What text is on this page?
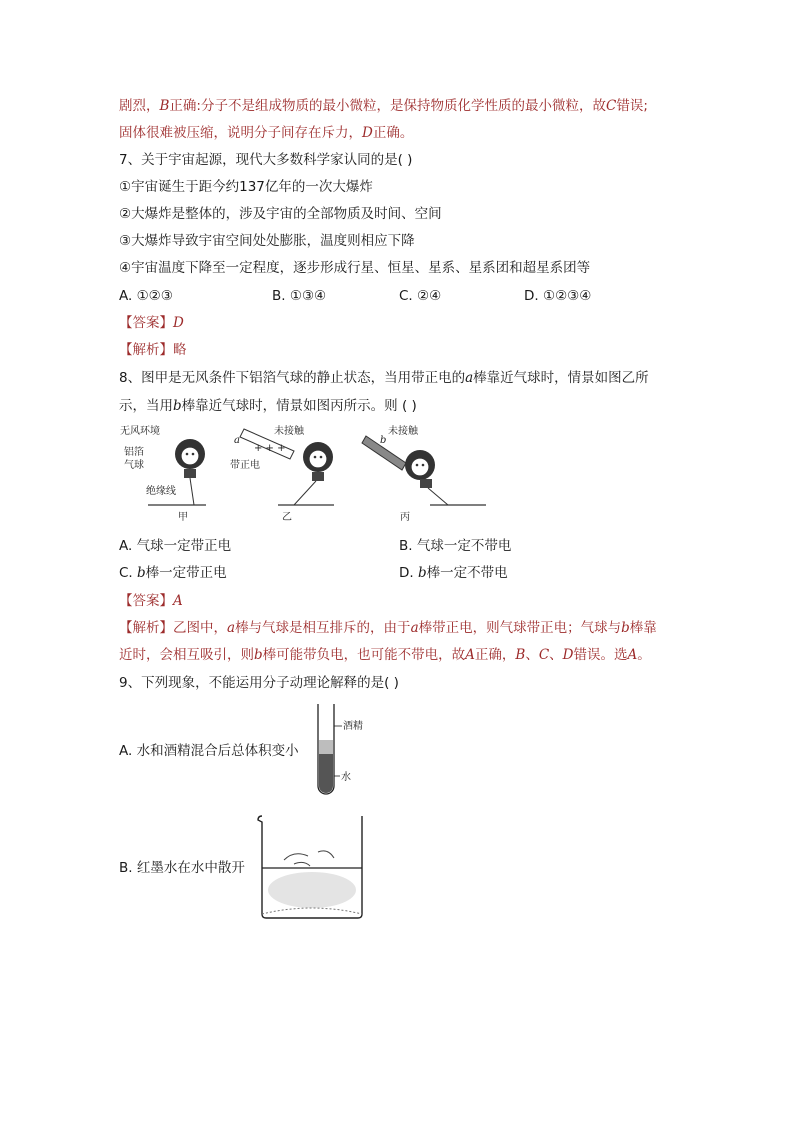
剧烈，B正确:分子不是组成物质的最小微粒，是保持物质化学性质的最小微粒，故C错误;
固体很难被压缩，说明分子间存在斥力，D正确。
7、关于宇宙起源，现代大多数科学家认同的是( )
①宇宙诞生于距今约137亿年的一次大爆炸
②大爆炸是整体的，涉及宇宙的全部物质及时间、空间
③大爆炸导致宇宙空间处处膨胀，温度则相应下降
④宇宙温度下降至一定程度，逐步形成行星、恒星、星系、星系团和超星系团等
A. ①②③	B. ①③④	C. ②④	D. ①②③④
【答案】D
【解析】略
8、图甲是无风条件下铝箔气球的静止状态，当用带正电的a棒靠近气球时，情景如图乙所
示，当用b棒靠近气球时，情景如图丙所示。则 ( )
无风环境
铝箔
气球
绝缘线
甲
a
+ + +
带正电
未接触
乙
b
未接触
丙
A. 气球一定带正电	B. 气球一定不带电
C. b棒一定带正电	D. b棒一定不带电
【答案】A
【解析】乙图中，a棒与气球是相互排斥的，由于a棒带正电，则气球带正电；气球与b棒靠
近时，会相互吸引，则b棒可能带负电，也可能不带电，故A正确，B、C、D错误。选A。
9、下列现象，不能运用分子动理论解释的是( )
A. 水和酒精混合后总体积变小
酒精
水
B. 红墨水在水中散开
